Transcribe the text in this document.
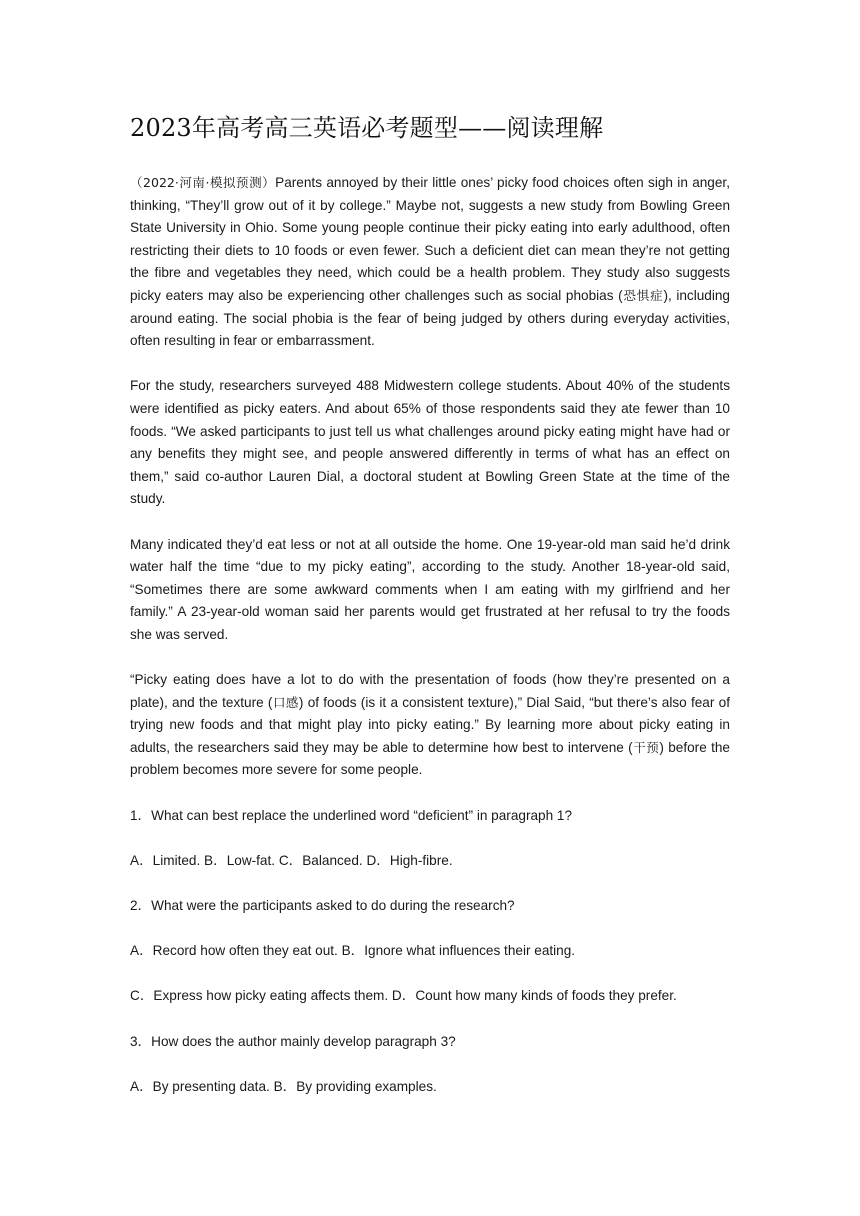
2023年高考高三英语必考题型——阅读理解

（2022·河南·模拟预测）Parents annoyed by their little ones’ picky food choices often sigh in anger, thinking, “They’ll grow out of it by college.” Maybe not, suggests a new study from Bowling Green State University in Ohio. Some young people continue their picky eating into early adulthood, often restricting their diets to 10 foods or even fewer. Such a deficient diet can mean they’re not getting the fibre and vegetables they need, which could be a health problem. They study also suggests picky eaters may also be experiencing other challenges such as social phobias (恐惧症), including around eating. The social phobia is the fear of being judged by others during everyday activities, often resulting in fear or embarrassment.

For the study, researchers surveyed 488 Midwestern college students. About 40% of the students were identified as picky eaters. And about 65% of those respondents said they ate fewer than 10 foods. “We asked participants to just tell us what challenges around picky eating might have had or any benefits they might see, and people answered differently in terms of what has an effect on them,” said co-author Lauren Dial, a doctoral student at Bowling Green State at the time of the study.

Many indicated they’d eat less or not at all outside the home. One 19-year-old man said he’d drink water half the time “due to my picky eating”, according to the study. Another 18-year-old said, “Sometimes there are some awkward comments when I am eating with my girlfriend and her family.” A 23-year-old woman said her parents would get frustrated at her refusal to try the foods she was served.

“Picky eating does have a lot to do with the presentation of foods (how they’re presented on a plate), and the texture (口感) of foods (is it a consistent texture),” Dial Said, “but there’s also fear of trying new foods and that might play into picky eating.” By learning more about picky eating in adults, the researchers said they may be able to determine how best to intervene (干预) before the problem becomes more severe for some people.

1．What can best replace the underlined word “deficient” in paragraph 1?

A．Limited. B．Low-fat. C．Balanced. D．High-fibre.

2．What were the participants asked to do during the research?

A．Record how often they eat out. B．Ignore what influences their eating.

C．Express how picky eating affects them. D．Count how many kinds of foods they prefer.

3．How does the author mainly develop paragraph 3?

A．By presenting data. B．By providing examples.
